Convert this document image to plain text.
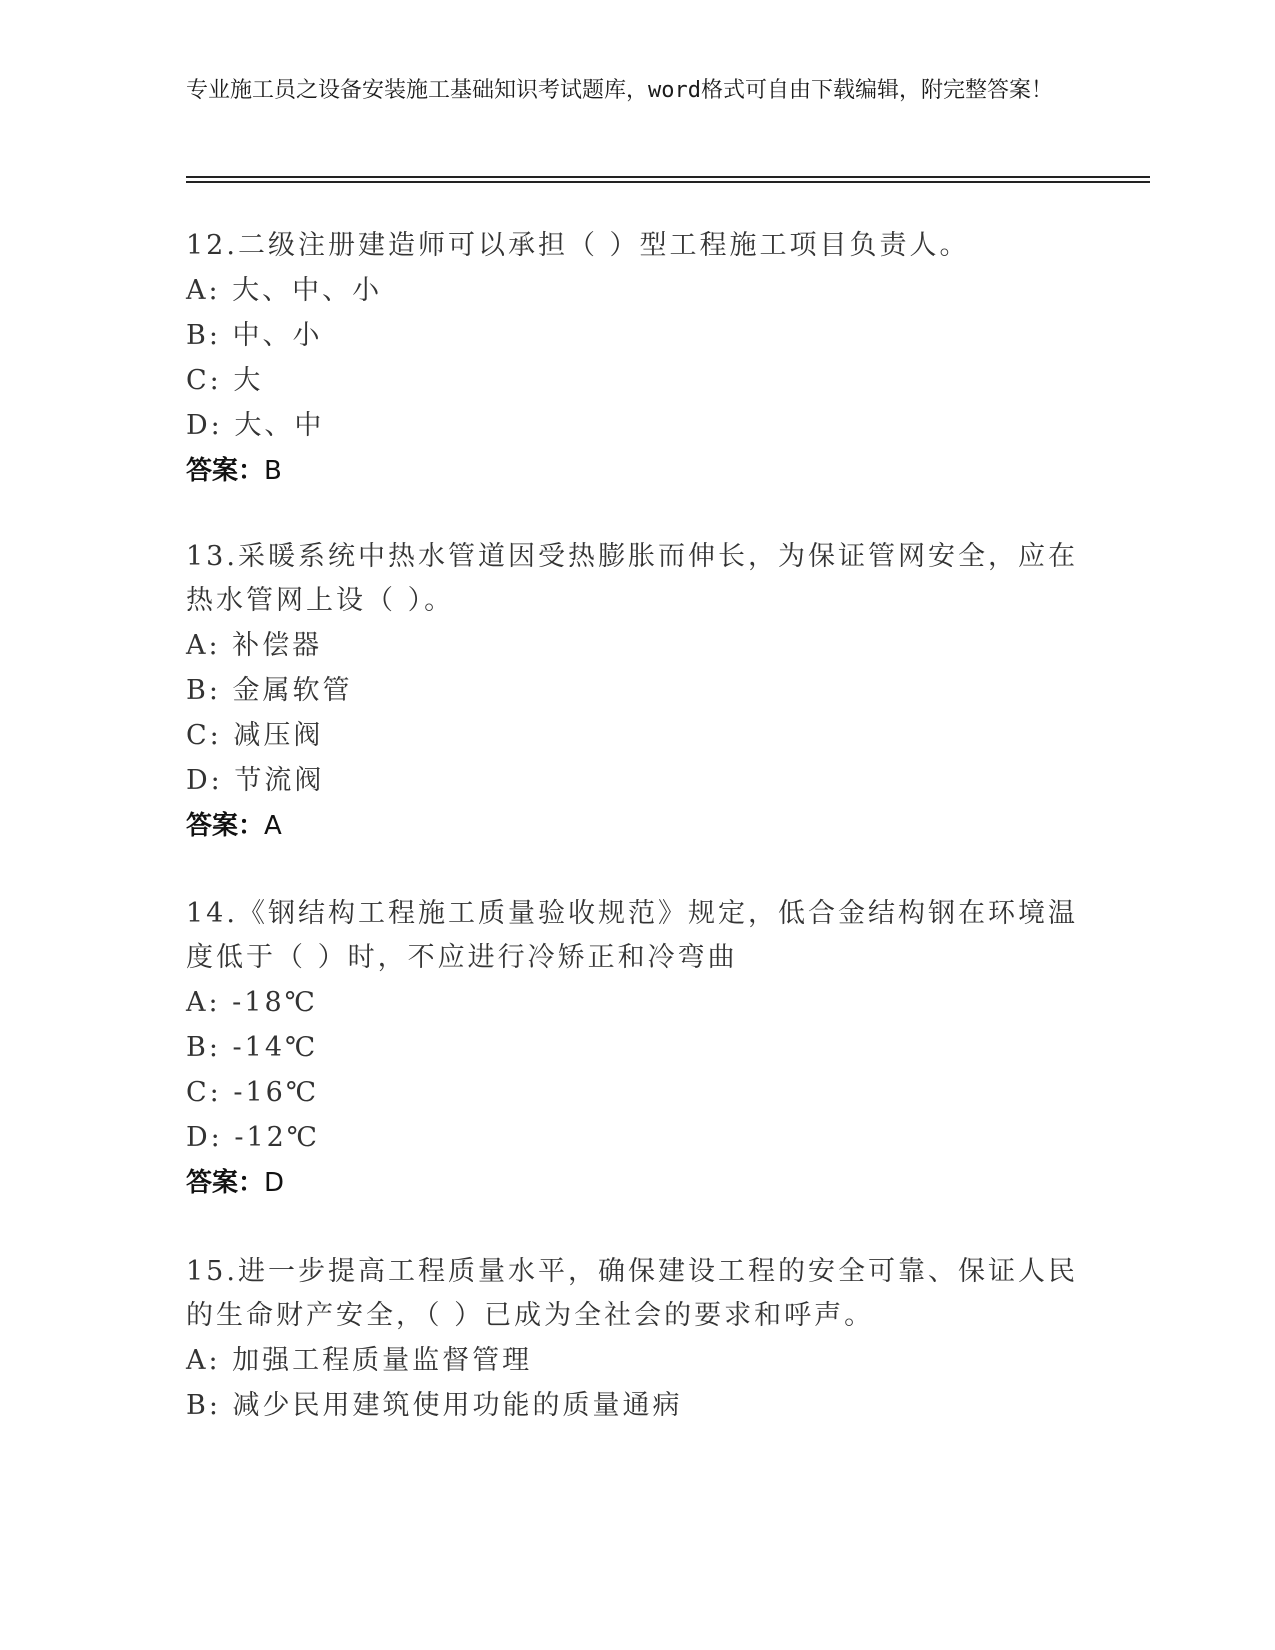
专业施工员之设备安装施工基础知识考试题库，word格式可自由下载编辑，附完整答案！
12.二级注册建造师可以承担（ ）型工程施工项目负责人。
A: 大、中、小
B: 中、小
C: 大
D: 大、中
答案：B
13.采暖系统中热水管道因受热膨胀而伸长，为保证管网安全，应在热水管网上设（ ）。
A: 补偿器
B: 金属软管
C: 减压阀
D: 节流阀
答案：A
14.《钢结构工程施工质量验收规范》规定，低合金结构钢在环境温度低于（ ）时，不应进行冷矫正和冷弯曲
A: -18℃
B: -14℃
C: -16℃
D: -12℃
答案：D
15.进一步提高工程质量水平，确保建设工程的安全可靠、保证人民的生命财产安全，（ ）已成为全社会的要求和呼声。
A: 加强工程质量监督管理
B: 减少民用建筑使用功能的质量通病
